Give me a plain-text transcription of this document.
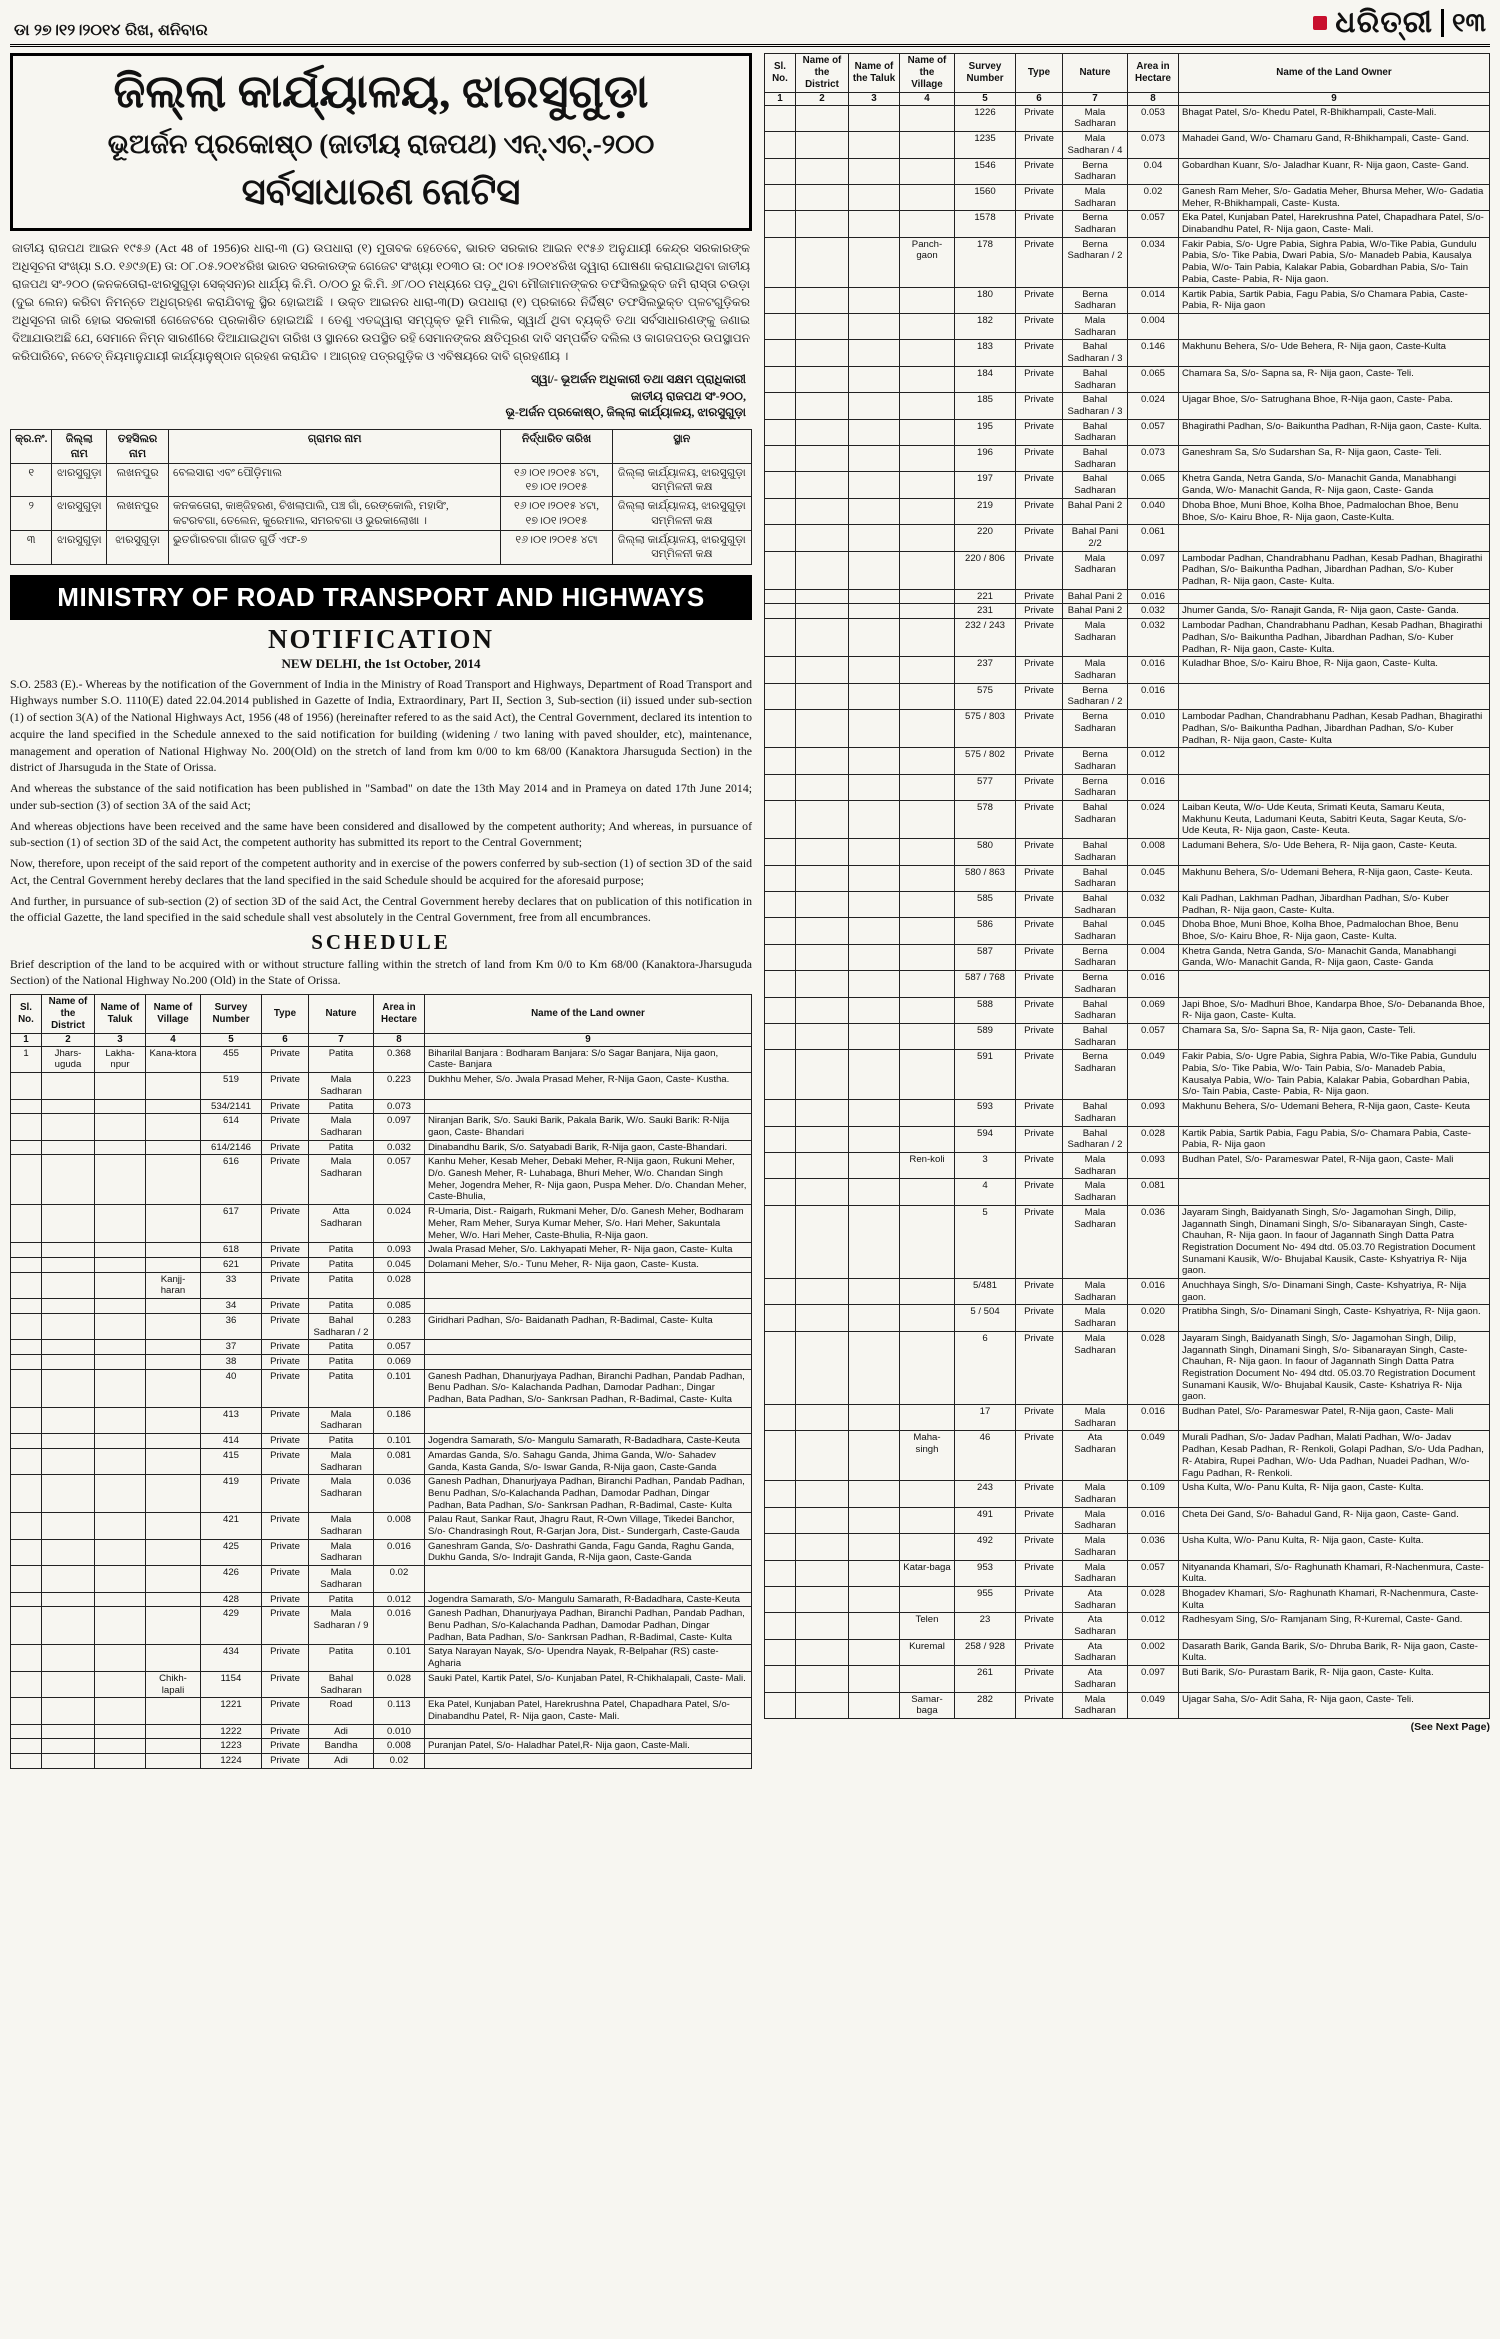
ଡା ୨୭।୧୨।୨୦୧୪ ରିଖ, ଶନିବାର	ଧରିତ୍ରୀ ୧୩
ଜିଲ୍ଲା କାର୍ଯ୍ୟାଳୟ, ଝାରସୁଗୁଡ଼ା
ଭୂଅର୍ଜନ ପ୍ରକୋଷ୍ଠ (ଜାତୀୟ ରାଜପଥ) ଏନ୍.ଏଚ୍.-୨୦୦
ସର୍ବସାଧାରଣ ନୋଟିସ

ଜାତୀୟ ରାଜପଥ ଆଇନ ୧୯୫୬ (Act 48 of 1956)ର ଧାରା-୩ (G) ଉପଧାରା (୧) ମୁତାବକ ହେତେବେ, ଭାରତ ସରକାର ଆଇନ ୧୯୫୬ ଅନୁଯାୟୀ କେନ୍ଦ୍ର ସରକାରଙ୍କ ଅଧିସୂଚନା ସଂଖ୍ୟା S.O. ୧୬୯୬(E) ତା: ୦୮.୦୫.୨୦୧୪ରିଖ ଭାରତ ସରକାରଙ୍କ ଗେଜେଟ ସଂଖ୍ୟା ୧୦୩୦ ତା: ୦୯।୦୫।୨୦୧୪ରିଖ ଦ୍ୱାରା ଘୋଷଣା କରାଯାଇଥିବା ଜାତୀୟ ରାଜପଥ ସଂ-୨୦୦ (କନକତୋରା-ଝାରସୁଗୁଡ଼ା ସେକ୍ସନ)ର ଧାର୍ଯ୍ୟ କି.ମି. ୦/୦୦ ରୁ କି.ମି. ୬୮/୦୦ ମଧ୍ୟରେ ପଡ଼ୁଥିବା ମୌଜାମାନଙ୍କର ତଫସିଲଭୁକ୍ତ ଜମି ରାସ୍ତା ଚଉଡ଼ା (ଦୁଇ ଲେନ) କରିବା ନିମନ୍ତେ ଅଧିଗ୍ରହଣ କରାଯିବାକୁ ସ୍ଥିର ହୋଇଅଛି । ଉକ୍ତ ଆଇନର ଧାରା-୩(D) ଉପଧାରା (୧) ପ୍ରକାରେ ନିର୍ଦ୍ଦିଷ୍ଟ ତଫସିଲଭୁକ୍ତ ପ୍ଳଟଗୁଡ଼ିକର ଅଧିସୂଚନା ଜାରି ହୋଇ ସରକାରୀ ଗେଜେଟରେ ପ୍ରକାଶିତ ହୋଇଅଛି । ତେଣୁ ଏତଦ୍ଦ୍ୱାରା ସମ୍ପୃକ୍ତ ଭୂମି ମାଲିକ, ସ୍ୱାର୍ଥ ଥିବା ବ୍ୟକ୍ତି ତଥା ସର୍ବସାଧାରଣଙ୍କୁ ଜଣାଇ ଦିଆଯାଉଅଛି ଯେ, ସେମାନେ ନିମ୍ନ ସାରଣୀରେ ଦିଆଯାଇଥିବା ତାରିଖ ଓ ସ୍ଥାନରେ ଉପସ୍ଥିତ ରହି ସେମାନଙ୍କର କ୍ଷତିପୂରଣ ଦାବି ସମ୍ପର୍କିତ ଦଲିଲ ଓ କାଗଜପତ୍ର ଉପସ୍ଥାପନ କରିପାରିବେ, ନଚେତ୍ ନିୟମାନୁଯାୟୀ କାର୍ଯ୍ୟାନୁଷ୍ଠାନ ଗ୍ରହଣ କରାଯିବ । ଆଗ୍ରହ ପତ୍ରଗୁଡ଼ିକ ଓ ଏବିଷୟରେ ଦାବି ଗ୍ରହଣୀୟ ।

ସ୍ୱା/- ଭୂଅର୍ଜନ ଅଧିକାରୀ ତଥା ସକ୍ଷମ ପ୍ରାଧିକାରୀ
ଜାତୀୟ ରାଜପଥ ସଂ-୨୦୦,
ଭୂ-ଅର୍ଜନ ପ୍ରକୋଷ୍ଠ, ଜିଲ୍ଲା କାର୍ଯ୍ୟାଳୟ, ଝାରସୁଗୁଡ଼ା
କ୍ର.ନଂ.	ଜିଲ୍ଲା ନାମ	ତହସିଲର ନାମ	ଗ୍ରାମର ନାମ	ନିର୍ଦ୍ଧାରିତ ତାରିଖ	ସ୍ଥାନ
୧	ଝାରସୁଗୁଡ଼ା	ଲଖନପୁର	ବେଲସାରା ଏବଂ ପୌଡ଼ିମାଲ	୧୬।୦୧।୨୦୧୫ ୪ଟା, ୧୭।୦୧।୨୦୧୫	ଜିଲ୍ଲା କାର୍ଯ୍ୟାଳୟ, ଝାରସୁଗୁଡ଼ା ସମ୍ମିଳନୀ କକ୍ଷ
୨	ଝାରସୁଗୁଡ଼ା	ଲଖନପୁର	କନକତୋରା, କାଞ୍ଜିହରଣ, ଚିଖଲାପାଲି, ପଞ୍ଚ ଗାଁ, ରେଙ୍କୋଲି, ମହାସିଂ, କଟରବଗା, ତେଲେନ, କୁରେମାଲ, ସମରବଗା ଓ ଭୁରକାଲୋଖା ।	୧୬।୦୧।୨୦୧୫ ୪ଟା, ୧୭।୦୧।୨୦୧୫	ଜିଲ୍ଲା କାର୍ଯ୍ୟାଳୟ, ଝାରସୁଗୁଡ଼ା ସମ୍ମିଳନୀ କକ୍ଷ
୩	ଝାରସୁଗୁଡ଼ା	ଝାରସୁଗୁଡ଼ା	ଭୁତଗାଁରବଗା ଗାଁଜତ ଗୁର୍ଡି ଏଫ-୭	୧୬।୦୧।୨୦୧୫ ୪ଟା	ଜିଲ୍ଲା କାର୍ଯ୍ୟାଳୟ, ଝାରସୁଗୁଡ଼ା ସମ୍ମିଳନୀ କକ୍ଷ
MINISTRY OF ROAD TRANSPORT AND HIGHWAYS
NOTIFICATION
NEW DELHI, the 1st October, 2014

S.O. 2583 (E).- Whereas by the notification of the Government of India in the Ministry of Road Transport and Highways, Department of Road Transport and Highways number S.O. 1110(E) dated 22.04.2014 published in Gazette of India, Extraordinary, Part II, Section 3, Sub-section (ii) issued under sub-section (1) of section 3(A) of the National Highways Act, 1956 (48 of 1956) (hereinafter refered to as the said Act), the Central Government, declared its intention to acquire the land specified in the Schedule annexed to the said notification for building (widening / two laning with paved shoulder, etc), maintenance, management and operation of National Highway No. 200(Old) on the stretch of land from km 0/00 to km 68/00 (Kanaktora Jharsuguda Section) in the district of Jharsuguda in the State of Orissa.

And whereas the substance of the said notification has been published in "Sambad" on date the 13th May 2014 and in Prameya on dated 17th June 2014; under sub-section (3) of section 3A of the said Act;

And whereas objections have been received and the same have been considered and disallowed by the competent authority; And whereas, in pursuance of sub-section (1) of section 3D of the said Act, the competent authority has submitted its report to the Central Government;

Now, therefore, upon receipt of the said report of the competent authority and in exercise of the powers conferred by sub-section (1) of section 3D of the said Act, the Central Government hereby declares that the land specified in the said Schedule should be acquired for the aforesaid purpose;

And further, in pursuance of sub-section (2) of section 3D of the said Act, the Central Government hereby declares that on publication of this notification in the official Gazette, the land specified in the said schedule shall vest absolutely in the Central Government, free from all encumbrances.

SCHEDULE

Brief description of the land to be acquired with or without structure falling within the stretch of land from Km 0/0 to Km 68/00 (Kanaktora-Jharsuguda Section) of the National Highway No.200 (Old) in the State of Orissa.

Sl. No.	Name of the District	Name of Taluk	Name of Village	Survey Number	Type	Nature	Area in Hectare	Name of the Land owner
1	2	3	4	5	6	7	8	9
1	Jhars-uguda	Lakha-npur	Kana-ktora	455	Private	Patita	0.368	Biharilal Banjara : Bodharam Banjara: S/o Sagar Banjara, Nija gaon, Caste- Banjara
				519	Private	Mala Sadharan	0.223	Dukhhu Meher, S/o. Jwala Prasad Meher, R-Nija Gaon, Caste- Kustha.
				534/2141	Private	Patita	0.073	
				614	Private	Mala Sadharan	0.097	Niranjan Barik, S/o. Sauki Barik, Pakala Barik, W/o. Sauki Barik: R-Nija gaon, Caste- Bhandari
				614/2146	Private	Patita	0.032	Dinabandhu Barik, S/o. Satyabadi Barik, R-Nija gaon, Caste-Bhandari.
				616	Private	Mala Sadharan	0.057	Kanhu Meher, Kesab Meher, Debaki Meher, R-Nija gaon, Rukuni Meher, D/o. Ganesh Meher, R- Luhabaga, Bhuri Meher, W/o. Chandan Singh Meher, Jogendra Meher, R- Nija gaon, Puspa Meher. D/o. Chandan Meher, Caste-Bhulia,
				617	Private	Atta Sadharan	0.024	R-Umaria, Dist.- Raigarh, Rukmani Meher, D/o. Ganesh Meher, Bodharam Meher, Ram Meher, Surya Kumar Meher, S/o. Hari Meher, Sakuntala Meher, W/o. Hari Meher, Caste-Bhulia, R-Nija gaon.
				618	Private	Patita	0.093	Jwala Prasad Meher, S/o. Lakhyapati Meher, R- Nija gaon, Caste- Kulta
				621	Private	Patita	0.045	Dolamani Meher, S/o.- Tunu Meher, R- Nija gaon, Caste- Kusta.
			Kanjj-haran	33	Private	Patita	0.028	
				34	Private	Patita	0.085	
				36	Private	Bahal Sadharan / 2	0.283	Giridhari Padhan, S/o- Baidanath Padhan, R-Badimal, Caste- Kulta
				37	Private	Patita	0.057	
				38	Private	Patita	0.069	
				40	Private	Patita	0.101	Ganesh Padhan, Dhanurjyaya Padhan, Biranchi Padhan, Pandab Padhan, Benu Padhan. S/o- Kalachanda Padhan, Damodar Padhan:, Dingar Padhan, Bata Padhan, S/o- Sankrsan Padhan, R-Badimal, Caste- Kulta
				413	Private	Mala Sadharan	0.186	
				414	Private	Patita	0.101	Jogendra Samarath, S/o- Mangulu Samarath, R-Badadhara, Caste-Keuta
				415	Private	Mala Sadharan	0.081	Amardas Ganda, S/o. Sahagu Ganda, Jhima Ganda, W/o- Sahadev Ganda, Kasta Ganda, S/o- Iswar Ganda, R-Nija gaon, Caste-Ganda
				419	Private	Mala Sadharan	0.036	Ganesh Padhan, Dhanurjyaya Padhan, Biranchi Padhan, Pandab Padhan, Benu Padhan, S/o-Kalachanda Padhan, Damodar Padhan, Dingar Padhan, Bata Padhan, S/o- Sankrsan Padhan, R-Badimal, Caste- Kulta
				421	Private	Mala Sadharan	0.008	Palau Raut, Sankar Raut, Jhagru Raut, R-Own Village, Tikedei Banchor, S/o- Chandrasingh Rout, R-Garjan Jora, Dist.- Sundergarh, Caste-Gauda
				425	Private	Mala Sadharan	0.016	Ganeshram Ganda, S/o- Dashrathi Ganda, Fagu Ganda, Raghu Ganda, Dukhu Ganda, S/o- Indrajit Ganda, R-Nija gaon, Caste-Ganda
				426	Private	Mala Sadharan	0.02	
				428	Private	Patita	0.012	Jogendra Samarath, S/o- Mangulu Samarath, R-Badadhara, Caste-Keuta
				429	Private	Mala Sadharan / 9	0.016	Ganesh Padhan, Dhanurjyaya Padhan, Biranchi Padhan, Pandab Padhan, Benu Padhan, S/o-Kalachanda Padhan, Damodar Padhan, Dingar Padhan, Bata Padhan, S/o- Sankrsan Padhan, R-Badimal, Caste- Kulta
				434	Private	Patita	0.101	Satya Narayan Nayak, S/o- Upendra Nayak, R-Belpahar (RS) caste- Agharia
			Chikh-lapali	1154	Private	Bahal Sadharan	0.028	Sauki Patel, Kartik Patel, S/o- Kunjaban Patel, R-Chikhalapali, Caste- Mali.
				1221	Private	Road	0.113	Eka Patel, Kunjaban Patel, Harekrushna Patel, Chapadhara Patel, S/o- Dinabandhu Patel, R- Nija gaon, Caste- Mali.
				1222	Private	Adi	0.010	
				1223	Private	Bandha	0.008	Puranjan Patel, S/o- Haladhar Patel,R- Nija gaon, Caste-Mali.
				1224	Private	Adi	0.02	
Sl. No.	Name of the District	Name of the Taluk	Name of the Village	Survey Number	Type	Nature	Area in Hectare	Name of the Land Owner
1	2	3	4	5	6	7	8	9
				1226	Private	Mala Sadharan	0.053	Bhagat Patel, S/o- Khedu Patel, R-Bhikhampali, Caste-Mali.
				1235	Private	Mala Sadharan / 4	0.073	Mahadei Gand, W/o- Chamaru Gand, R-Bhikhampali, Caste- Gand.
				1546	Private	Berna Sadharan	0.04	Gobardhan Kuanr, S/o- Jaladhar Kuanr, R- Nija gaon, Caste- Gand.
				1560	Private	Mala Sadharan	0.02	Ganesh Ram Meher, S/o- Gadatia Meher, Bhursa Meher, W/o- Gadatia Meher, R-Bhikhampali, Caste- Kusta.
				1578	Private	Berna Sadharan	0.057	Eka Patel, Kunjaban Patel, Harekrushna Patel, Chapadhara Patel, S/o- Dinabandhu Patel, R- Nija gaon, Caste- Mali.
			Panch-gaon	178	Private	Berna Sadharan / 2	0.034	Fakir Pabia, S/o- Ugre Pabia, Sighra Pabia, W/o-Tike Pabia, Gundulu Pabia, S/o- Tike Pabia, Dwari Pabia, S/o- Manadeb Pabia, Kausalya Pabia, W/o- Tain Pabia, Kalakar Pabia, Gobardhan Pabia, S/o- Tain Pabia, Caste- Pabia, R- Nija gaon.
				180	Private	Berna Sadharan	0.014	Kartik Pabia, Sartik Pabia, Fagu Pabia, S/o Chamara Pabia, Caste- Pabia, R- Nija gaon
				182	Private	Mala Sadharan	0.004	
				183	Private	Bahal Sadharan / 3	0.146	Makhunu Behera, S/o- Ude Behera, R- Nija gaon, Caste-Kulta
				184	Private	Bahal Sadharan	0.065	Chamara Sa, S/o- Sapna sa, R- Nija gaon, Caste- Teli.
				185	Private	Bahal Sadharan / 3	0.024	Ujagar Bhoe, S/o- Satrughana Bhoe, R-Nija gaon, Caste- Paba.
				195	Private	Bahal Sadharan	0.057	Bhagirathi Padhan, S/o- Baikuntha Padhan, R-Nija gaon, Caste- Kulta.
				196	Private	Bahal Sadharan	0.073	Ganeshram Sa, S/o Sudarshan Sa, R- Nija gaon, Caste- Teli.
				197	Private	Bahal Sadharan	0.065	Khetra Ganda, Netra Ganda, S/o- Manachit Ganda, Manabhangi Ganda, W/o- Manachit Ganda, R- Nija gaon, Caste- Ganda
				219	Private	Bahal Pani 2	0.040	Dhoba Bhoe, Muni Bhoe, Kolha Bhoe, Padmalochan Bhoe, Benu Bhoe, S/o- Kairu Bhoe, R- Nija gaon, Caste-Kulta.
				220	Private	Bahal Pani 2/2	0.061	
				220 / 806	Private	Mala Sadharan	0.097	Lambodar Padhan, Chandrabhanu Padhan, Kesab Padhan, Bhagirathi Padhan, S/o- Baikuntha Padhan, Jibardhan Padhan, S/o- Kuber Padhan, R- Nija gaon, Caste- Kulta.
				221	Private	Bahal Pani 2	0.016	
				231	Private	Bahal Pani 2	0.032	Jhumer Ganda, S/o- Ranajit Ganda, R- Nija gaon, Caste- Ganda.
				232 / 243	Private	Mala Sadharan	0.032	Lambodar Padhan, Chandrabhanu Padhan, Kesab Padhan, Bhagirathi Padhan, S/o- Baikuntha Padhan, Jibardhan Padhan, S/o- Kuber Padhan, R- Nija gaon, Caste- Kulta.
				237	Private	Mala Sadharan	0.016	Kuladhar Bhoe, S/o- Kairu Bhoe, R- Nija gaon, Caste- Kulta.
				575	Private	Berna Sadharan / 2	0.016	
				575 / 803	Private	Berna Sadharan	0.010	Lambodar Padhan, Chandrabhanu Padhan, Kesab Padhan, Bhagirathi Padhan, S/o- Baikuntha Padhan, Jibardhan Padhan, S/o- Kuber Padhan, R- Nija gaon, Caste- Kulta
				575 / 802	Private	Berna Sadharan	0.012	
				577	Private	Berna Sadharan	0.016	
				578	Private	Bahal Sadharan	0.024	Laiban Keuta, W/o- Ude Keuta, Srimati Keuta, Samaru Keuta, Makhunu Keuta, Ladumani Keuta, Sabitri Keuta, Sagar Keuta, S/o- Ude Keuta, R- Nija gaon, Caste- Keuta.
				580	Private	Bahal Sadharan	0.008	Ladumani Behera, S/o- Ude Behera, R- Nija gaon, Caste- Keuta.
				580 / 863	Private	Bahal Sadharan	0.045	Makhunu Behera, S/o- Udemani Behera, R-Nija gaon, Caste- Keuta.
				585	Private	Bahal Sadharan	0.032	Kali Padhan, Lakhman Padhan, Jibardhan Padhan, S/o- Kuber Padhan, R- Nija gaon, Caste- Kulta.
				586	Private	Bahal Sadharan	0.045	Dhoba Bhoe, Muni Bhoe, Kolha Bhoe, Padmalochan Bhoe, Benu Bhoe, S/o- Kairu Bhoe, R- Nija gaon, Caste- Kulta.
				587	Private	Berna Sadharan	0.004	Khetra Ganda, Netra Ganda, S/o- Manachit Ganda, Manabhangi Ganda, W/o- Manachit Ganda, R- Nija gaon, Caste- Ganda
				587 / 768	Private	Berna Sadharan	0.016	
				588	Private	Bahal Sadharan	0.069	Japi Bhoe, S/o- Madhuri Bhoe, Kandarpa Bhoe, S/o- Debananda Bhoe, R- Nija gaon, Caste- Kulta.
				589	Private	Bahal Sadharan	0.057	Chamara Sa, S/o- Sapna Sa, R- Nija gaon, Caste- Teli.
				591	Private	Berna Sadharan	0.049	Fakir Pabia, S/o- Ugre Pabia, Sighra Pabia, W/o-Tike Pabia, Gundulu Pabia, S/o- Tike Pabia, W/o- Tain Pabia, S/o- Manadeb Pabia, Kausalya Pabia, W/o- Tain Pabia, Kalakar Pabia, Gobardhan Pabia, S/o- Tain Pabia, Caste- Pabia, R- Nija gaon.
				593	Private	Bahal Sadharan	0.093	Makhunu Behera, S/o- Udemani Behera, R-Nija gaon, Caste- Keuta
				594	Private	Bahal Sadharan / 2	0.028	Kartik Pabia, Sartik Pabia, Fagu Pabia, S/o- Chamara Pabia, Caste- Pabia, R- Nija gaon
			Ren-koli	3	Private	Mala Sadharan	0.093	Budhan Patel, S/o- Parameswar Patel, R-Nija gaon, Caste- Mali
				4	Private	Mala Sadharan	0.081	
				5	Private	Mala Sadharan	0.036	Jayaram Singh, Baidyanath Singh, S/o- Jagamohan Singh, Dilip, Jagannath Singh, Dinamani Singh, S/o- Sibanarayan Singh, Caste- Chauhan, R- Nija gaon. In faour of Jagannath Singh Datta Patra Registration Document No- 494 dtd. 05.03.70 Registration Document Sunamani Kausik, W/o- Bhujabal Kausik, Caste- Kshyatriya R- Nija gaon.
				5/481	Private	Mala Sadharan	0.016	Anuchhaya Singh, S/o- Dinamani Singh, Caste- Kshyatriya, R- Nija gaon.
				5 / 504	Private	Mala Sadharan	0.020	Pratibha Singh, S/o- Dinamani Singh, Caste- Kshyatriya, R- Nija gaon.
				6	Private	Mala Sadharan	0.028	Jayaram Singh, Baidyanath Singh, S/o- Jagamohan Singh, Dilip, Jagannath Singh, Dinamani Singh, S/o- Sibanarayan Singh, Caste- Chauhan, R- Nija gaon. In faour of Jagannath Singh Datta Patra Registration Document No- 494 dtd. 05.03.70 Registration Document Sunamani Kausik, W/o- Bhujabal Kausik, Caste- Kshatriya R- Nija gaon.
				17	Private	Mala Sadharan	0.016	Budhan Patel, S/o- Parameswar Patel, R-Nija gaon, Caste- Mali
			Maha-singh	46	Private	Ata Sadharan	0.049	Murali Padhan, S/o- Jadav Padhan, Malati Padhan, W/o- Jadav Padhan, Kesab Padhan, R- Renkoli, Golapi Padhan, S/o- Uda Padhan, R- Atabira, Rupei Padhan, W/o- Uda Padhan, Nuadei Padhan, W/o- Fagu Padhan, R- Renkoli.
				243	Private	Mala Sadharan	0.109	Usha Kulta, W/o- Panu Kulta, R- Nija gaon, Caste- Kulta.
				491	Private	Mala Sadharan	0.016	Cheta Dei Gand, S/o- Bahadul Gand, R- Nija gaon, Caste- Gand.
				492	Private	Mala Sadharan	0.036	Usha Kulta, W/o- Panu Kulta, R- Nija gaon, Caste- Kulta.
			Katar-baga	953	Private	Mala Sadharan	0.057	Nityananda Khamari, S/o- Raghunath Khamari, R-Nachenmura, Caste- Kulta.
				955	Private	Ata Sadharan	0.028	Bhogadev Khamari, S/o- Raghunath Khamari, R-Nachenmura, Caste- Kulta
			Telen	23	Private	Ata Sadharan	0.012	Radhesyam Sing, S/o- Ramjanam Sing, R-Kuremal, Caste- Gand.
			Kuremal	258 / 928	Private	Ata Sadharan	0.002	Dasarath Barik, Ganda Barik, S/o- Dhruba Barik, R- Nija gaon, Caste- Kulta.
				261	Private	Ata Sadharan	0.097	Buti Barik, S/o- Purastam Barik, R- Nija gaon, Caste- Kulta.
			Samar-baga	282	Private	Mala Sadharan	0.049	Ujagar Saha, S/o- Adit Saha, R- Nija gaon, Caste- Teli.
(See Next Page)
